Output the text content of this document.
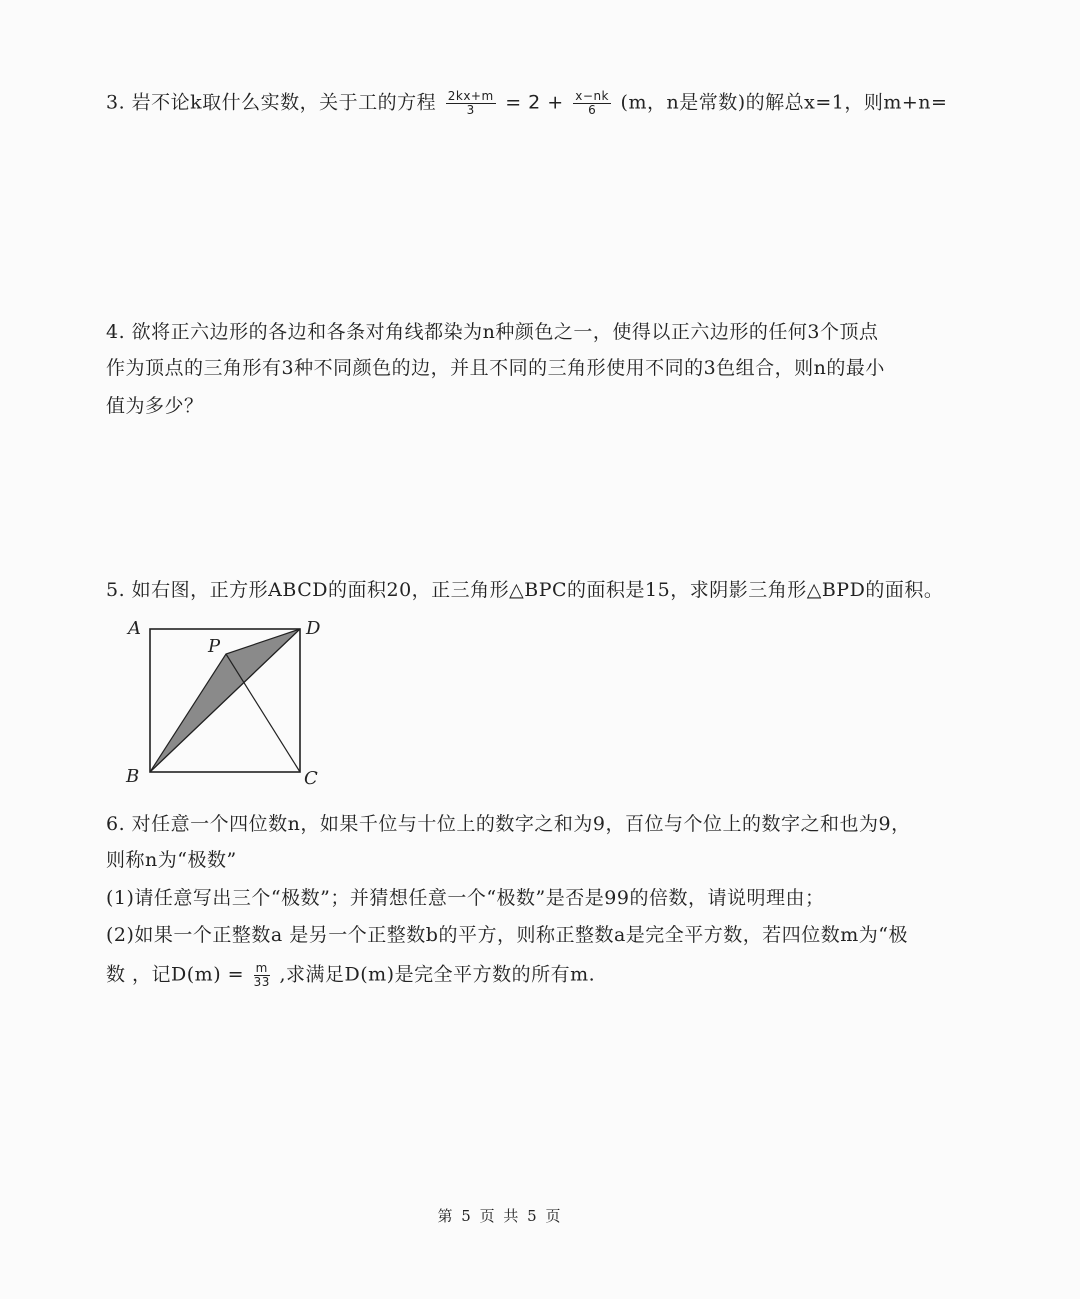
3. 岩不论k取什么实数，关于工的方程 $\frac{2kx+m}{3} = 2 + \frac{x-nk}{6} (m$，n是常数)的解总x=1，则m+n=
4. 欲将正六边形的各边和各条对角线都染为n种颜色之一，使得以正六边形的任何3个顶点
作为顶点的三角形有3种不同颜色的边，并且不同的三角形使用不同的3色组合，则n的最小
值为多少？
5. 如右图，正方形ABCD的面积20，正三角形△BPC的面积是15，求阴影三角形△BPD的面积。
A
B	C
D
P
6. 对任意一个四位数n，如果千位与十位上的数字之和为9，百位与个位上的数字之和也为9，
则称n为“极数”
(1)请任意写出三个“极数”；并猜想任意一个“极数”是否是99的倍数，请说明理由；
(2)如果一个正整数a 是另一个正整数b的平方，则称正整数a是完全平方数，若四位数m为“极
数 ，记$D(m) = \frac{m}{33}$ ,求满足D(m)是完全平方数的所有m.
第 5 页 共 5 页
